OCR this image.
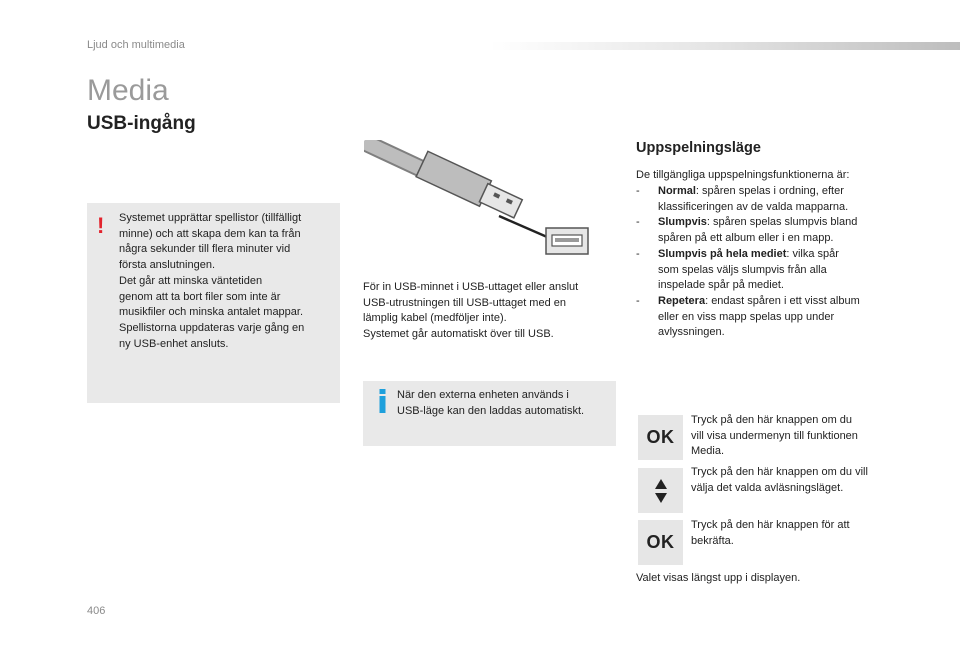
Ljud och multimedia
Media
USB-ingång
! Systemet upprättar spellistor (tillfälligt
minne) och att skapa dem kan ta från
några sekunder till flera minuter vid
första anslutningen.
Det går att minska väntetiden
genom att ta bort filer som inte är
musikfiler och minska antalet mappar.
Spellistorna uppdateras varje gång en
ny USB-enhet ansluts.
För in USB-minnet i USB-uttaget eller anslut
USB-utrustningen till USB-uttaget med en
lämplig kabel (medföljer inte).
Systemet går automatiskt över till USB.
När den externa enheten används i
USB-läge kan den laddas automatiskt.
Uppspelningsläge
De tillgängliga uppspelningsfunktionerna är:
- Normal: spåren spelas i ordning, efter
klassificeringen av de valda mapparna.
- Slumpvis: spåren spelas slumpvis bland
spåren på ett album eller i en mapp.
- Slumpvis på hela mediet: vilka spår
som spelas väljs slumpvis från alla
inspelade spår på mediet.
- Repetera: endast spåren i ett visst album
eller en viss mapp spelas upp under
avlyssningen.
OK
Tryck på den här knappen om du
vill visa undermenyn till funktionen
Media.
Tryck på den här knappen om du vill
välja det valda avläsningsläget.
OK
Tryck på den här knappen för att
bekräfta.
Valet visas längst upp i displayen.
406
